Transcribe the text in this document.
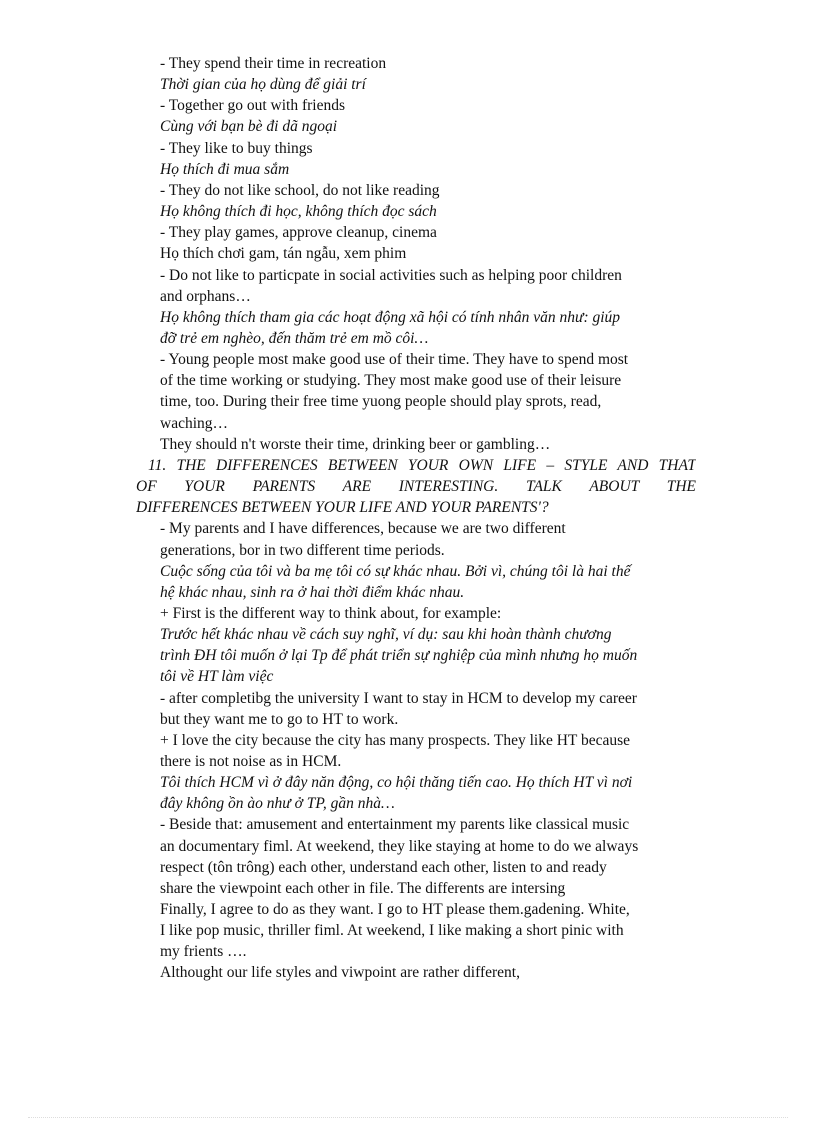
- They spend their time in recreation
Thời gian của họ dùng để giải trí
- Together go out with friends
Cùng với bạn bè đi dã ngoại
- They like to buy things
Họ thích đi mua sắm
- They do not like school, do not like reading
Họ không thích đi học, không thích đọc sách
- They play games, approve cleanup, cinema
Họ thích chơi gam, tán ngẫu, xem phim
- Do not like to particpate in social activities such as helping poor children
and orphans…
Họ không thích tham gia các hoạt động xã hội có tính nhân văn như: giúp
đỡ trẻ em nghèo, đến thăm trẻ em mồ côi…
- Young people most make good use of their time. They have to spend most
of the time working or studying. They most make good use of their leisure
time, too. During their free time yuong people should play sprots, read,
waching…
They should n't worste their time, drinking beer or gambling…
11. THE DIFFERENCES BETWEEN YOUR OWN LIFE – STYLE AND THAT
OF YOUR PARENTS ARE INTERESTING. TALK ABOUT THE
DIFFERENCES BETWEEN YOUR LIFE AND YOUR PARENTS'?
- My parents and I have differences, because we are two different
generations, bor in two different time periods.
Cuộc sống của tôi và ba mẹ tôi có sự khác nhau. Bởi vì, chúng tôi là hai thế
hệ khác nhau, sinh ra ở hai thời điểm khác nhau.
+ First is the different way to think about, for example:
Trước hết khác nhau về cách suy nghĩ, ví dụ: sau khi hoàn thành chương
trình ĐH tôi muốn ở lại Tp để phát triển sự nghiệp của mình nhưng họ muốn
tôi về HT làm việc
- after completibg the university I want to stay in HCM to develop my career
but they want me to go to HT to work.
+ I love the city because the city has many prospects. They like HT because
there is not noise as in HCM.
Tôi thích HCM vì ở đây năn động, co hội thăng tiến cao. Họ thích HT vì nơi
đây không ồn ào như ở TP, gần nhà…
- Beside that: amusement and entertainment my parents like classical music
an documentary fiml. At weekend, they like staying at home to do we always
respect (tôn trông) each other, understand each other, listen to and ready
share the viewpoint each other in file. The differents are intersing
Finally, I agree to do as they want. I go to HT please them.gadening. White,
I like pop music, thriller fiml. At weekend, I like making a short pinic with
my frients ….
Althought our life styles and viwpoint are rather different,
